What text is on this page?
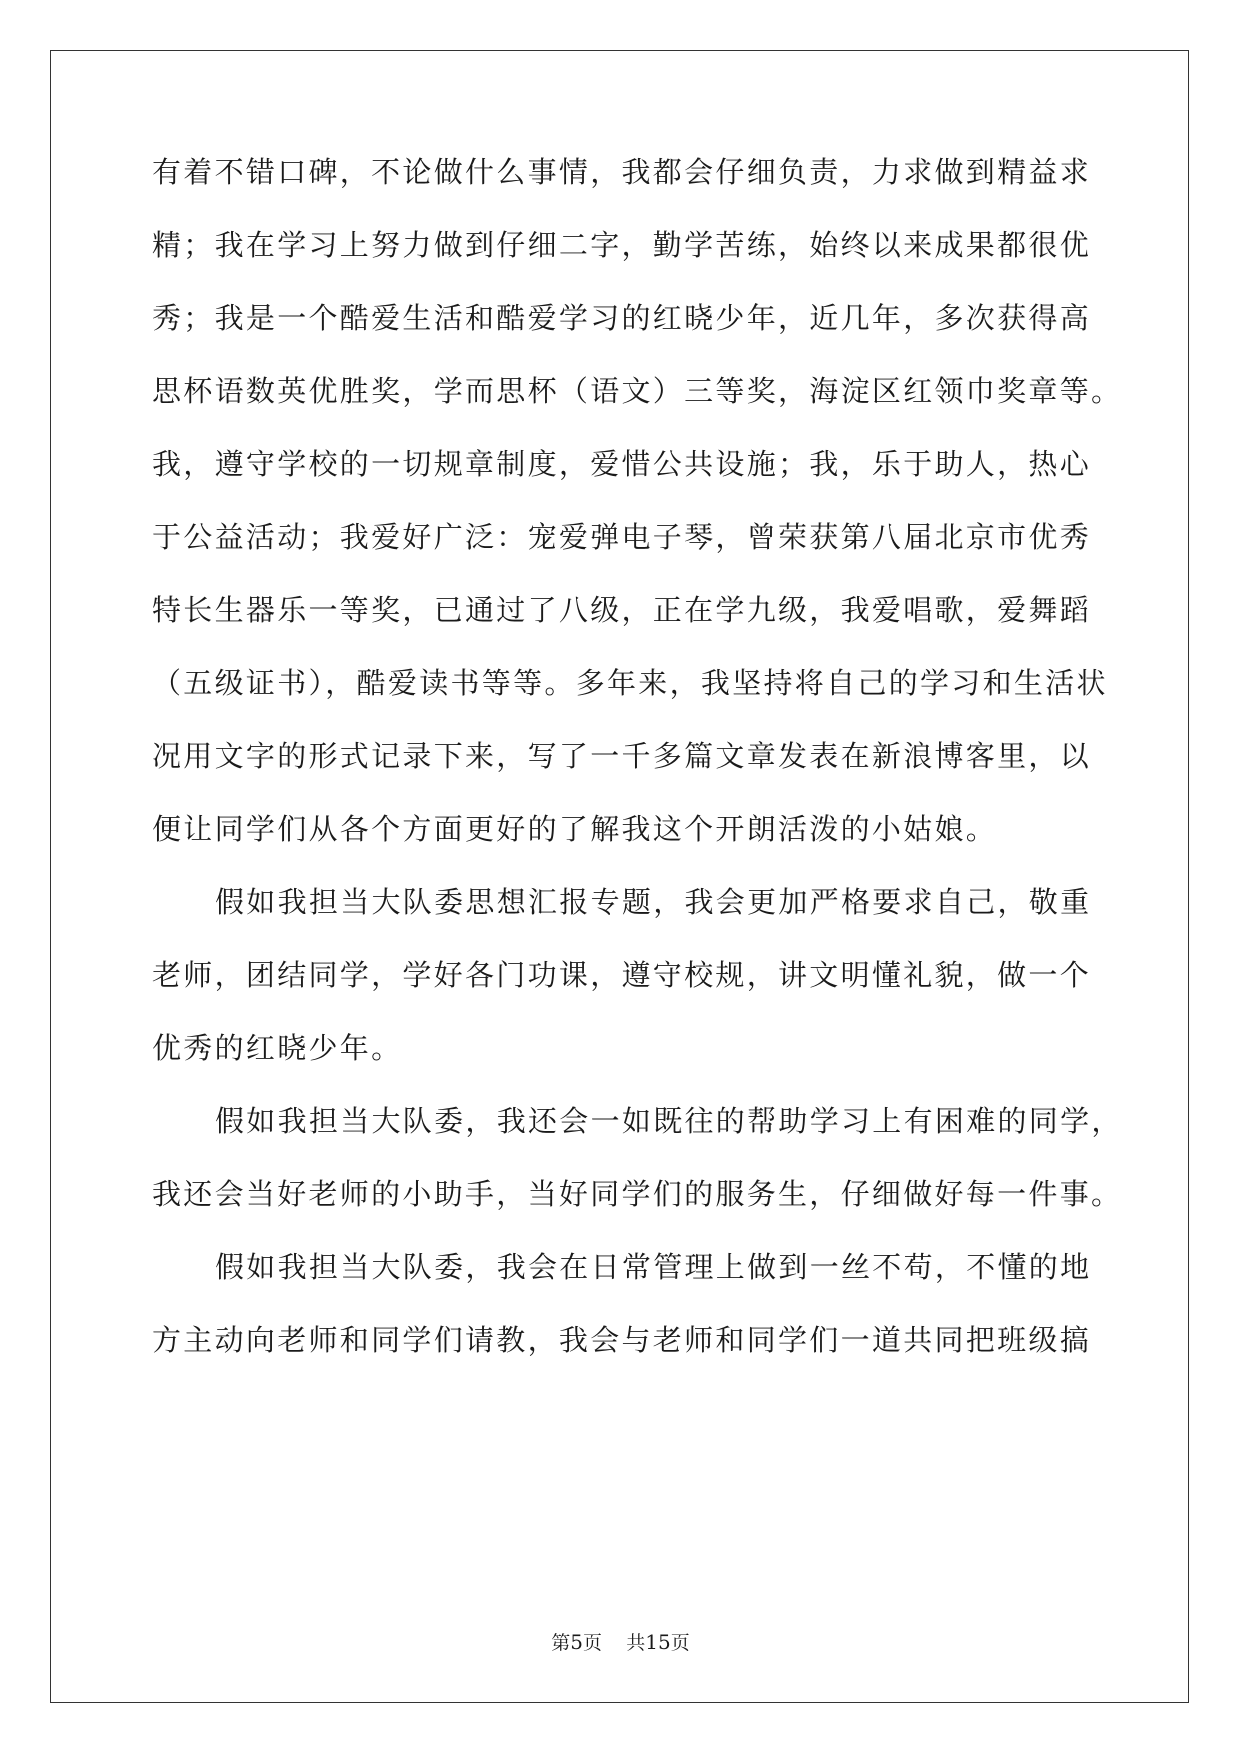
有着不错口碑，不论做什么事情，我都会仔细负责，力求做到精益求
精；我在学习上努力做到仔细二字，勤学苦练，始终以来成果都很优
秀；我是一个酷爱生活和酷爱学习的红晓少年，近几年，多次获得高
思杯语数英优胜奖，学而思杯（语文）三等奖，海淀区红领巾奖章等。
我，遵守学校的一切规章制度，爱惜公共设施；我，乐于助人，热心
于公益活动；我爱好广泛：宠爱弹电子琴，曾荣获第八届北京市优秀
特长生器乐一等奖，已通过了八级，正在学九级，我爱唱歌，爱舞蹈
（五级证书），酷爱读书等等。多年来，我坚持将自己的学习和生活状
况用文字的形式记录下来，写了一千多篇文章发表在新浪博客里，以
便让同学们从各个方面更好的了解我这个开朗活泼的小姑娘。
假如我担当大队委思想汇报专题，我会更加严格要求自己，敬重
老师，团结同学，学好各门功课，遵守校规，讲文明懂礼貌，做一个
优秀的红晓少年。
假如我担当大队委，我还会一如既往的帮助学习上有困难的同学，
我还会当好老师的小助手，当好同学们的服务生，仔细做好每一件事。
假如我担当大队委，我会在日常管理上做到一丝不苟，不懂的地
方主动向老师和同学们请教，我会与老师和同学们一道共同把班级搞
第5页 共15页
